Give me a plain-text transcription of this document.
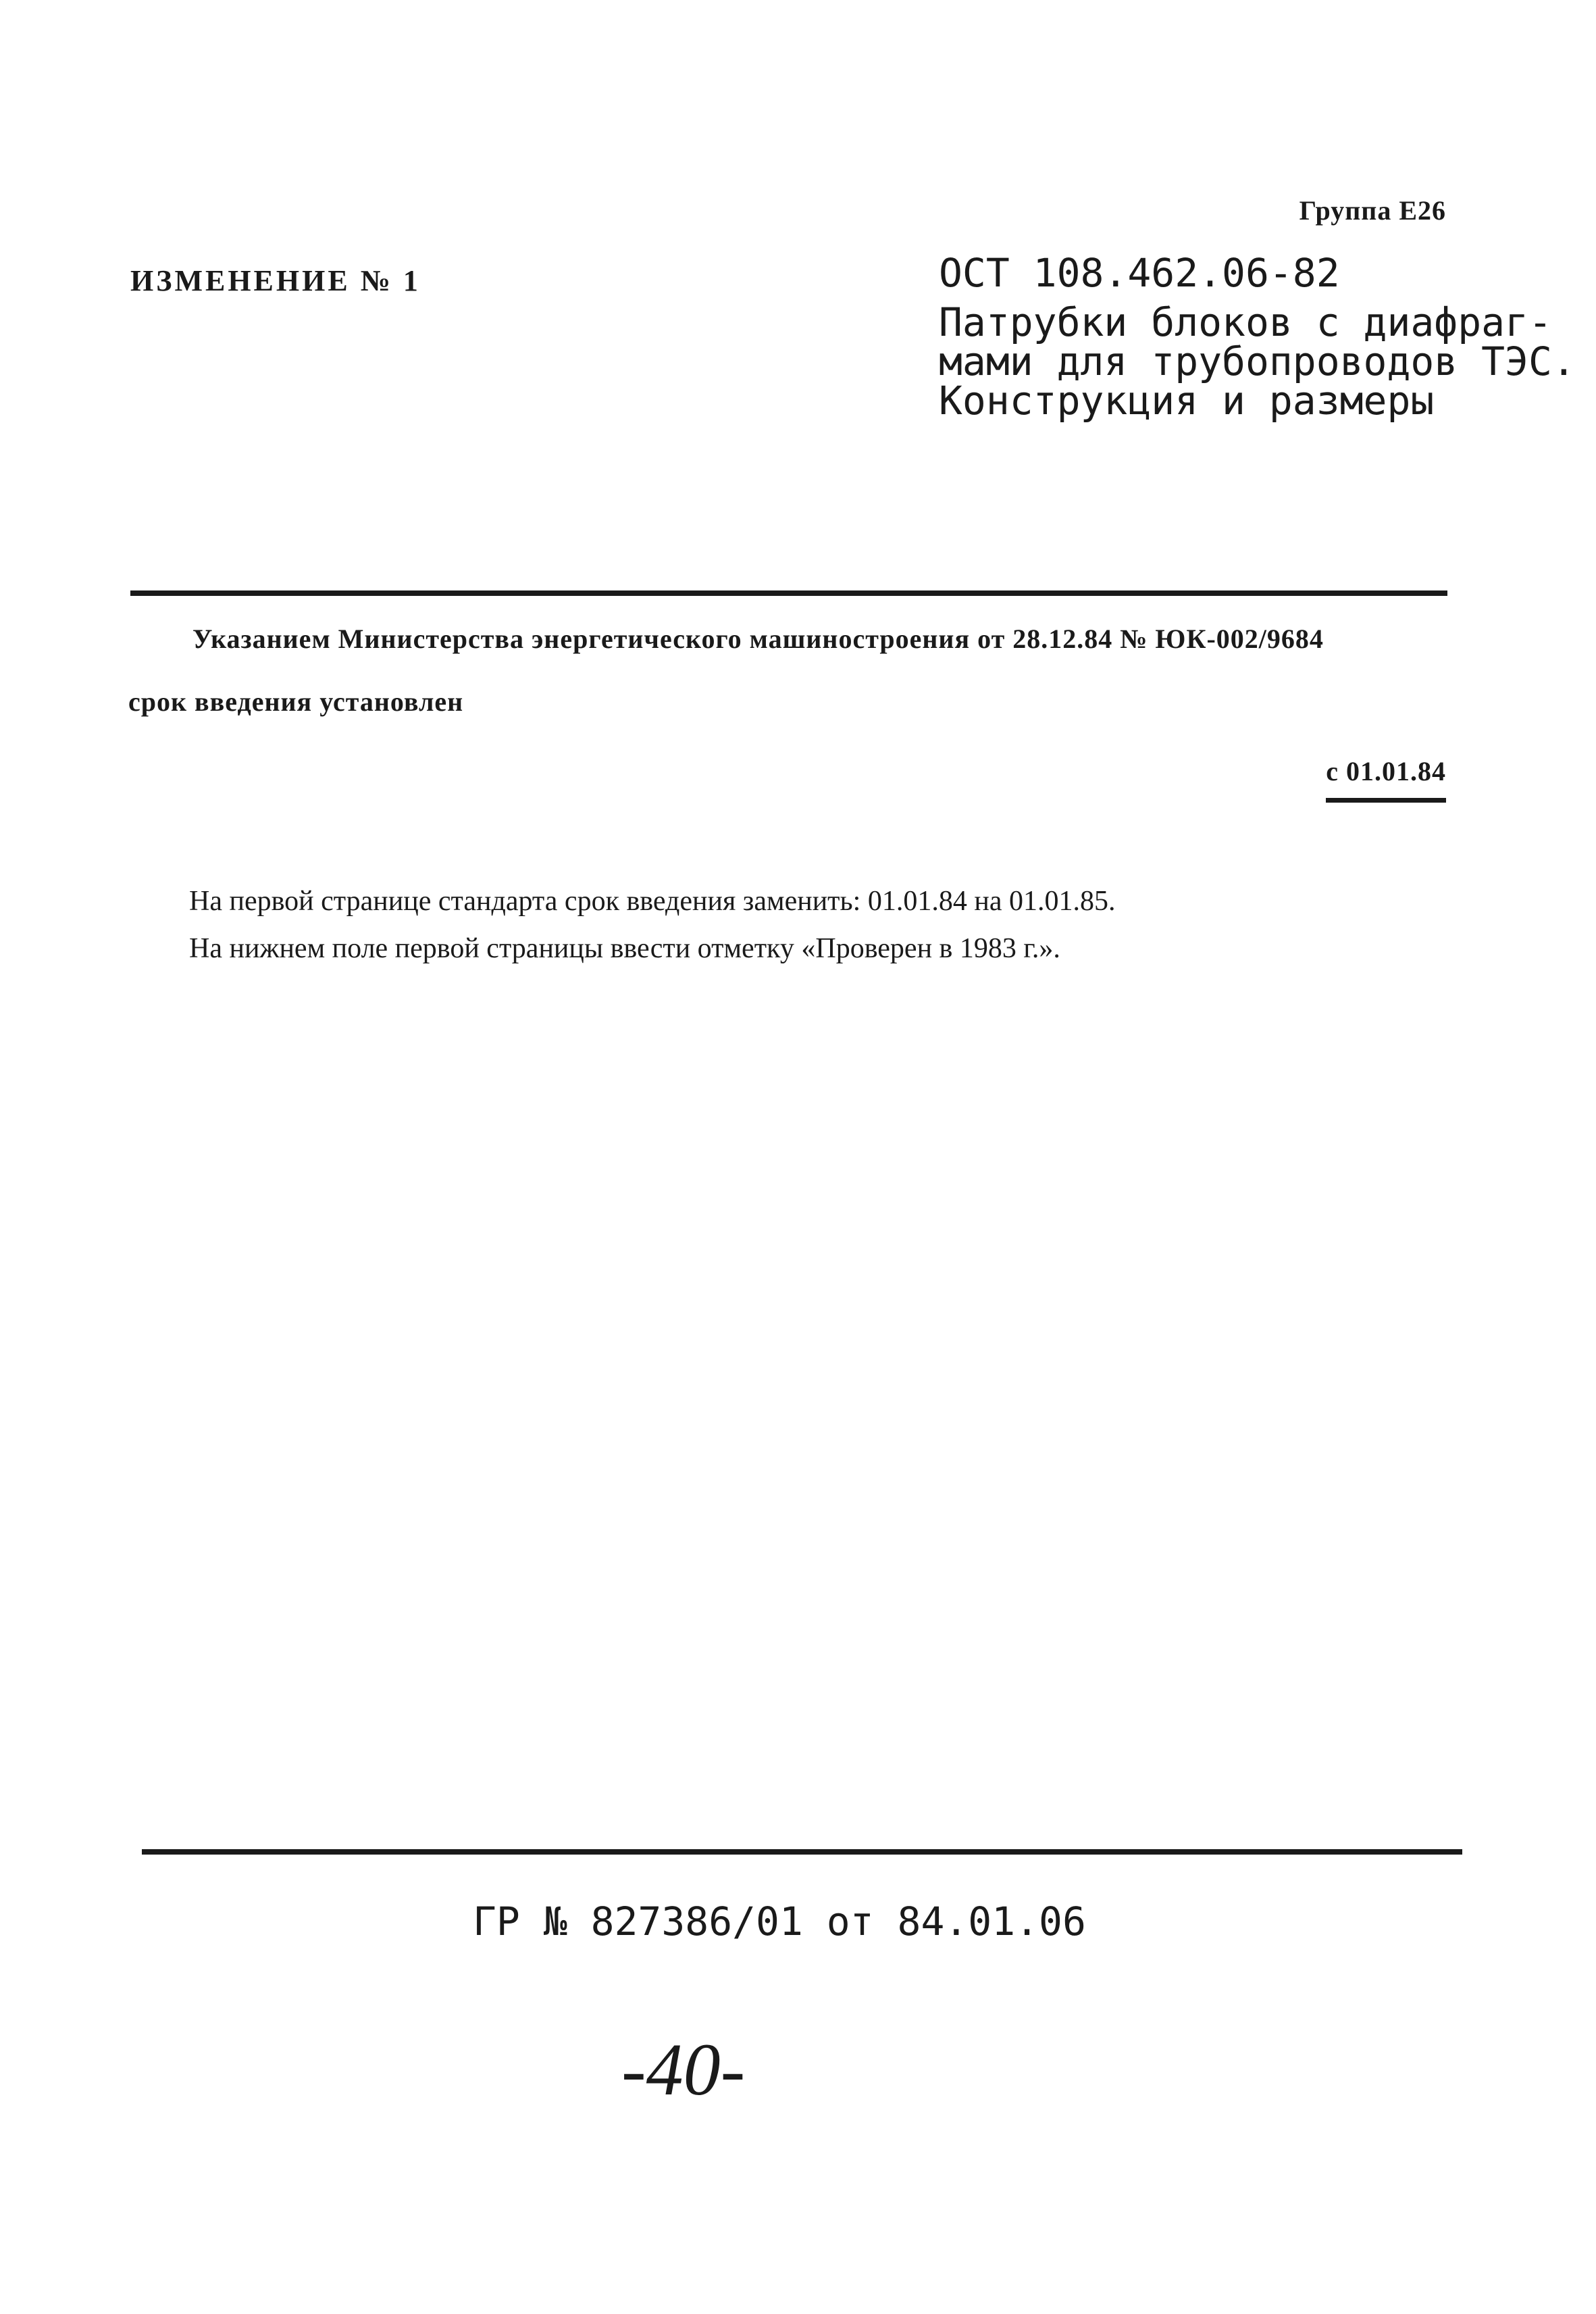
Группа Е26
ИЗМЕНЕНИЕ № 1	ОСТ 108.462.06-82
Патрубки блоков с диафраг-
мами для трубопроводов ТЭС.
Конструкция и размеры
Указанием Министерства энергетического машиностроения от 28.12.84 № ЮК-002/9684
срок введения установлен
с 01.01.84
На первой странице стандарта срок введения заменить: 01.01.84 на 01.01.85.
На нижнем поле первой страницы ввести отметку «Проверен в 1983 г.».
ГР № 827386/01 от 84.01.06
-40-
